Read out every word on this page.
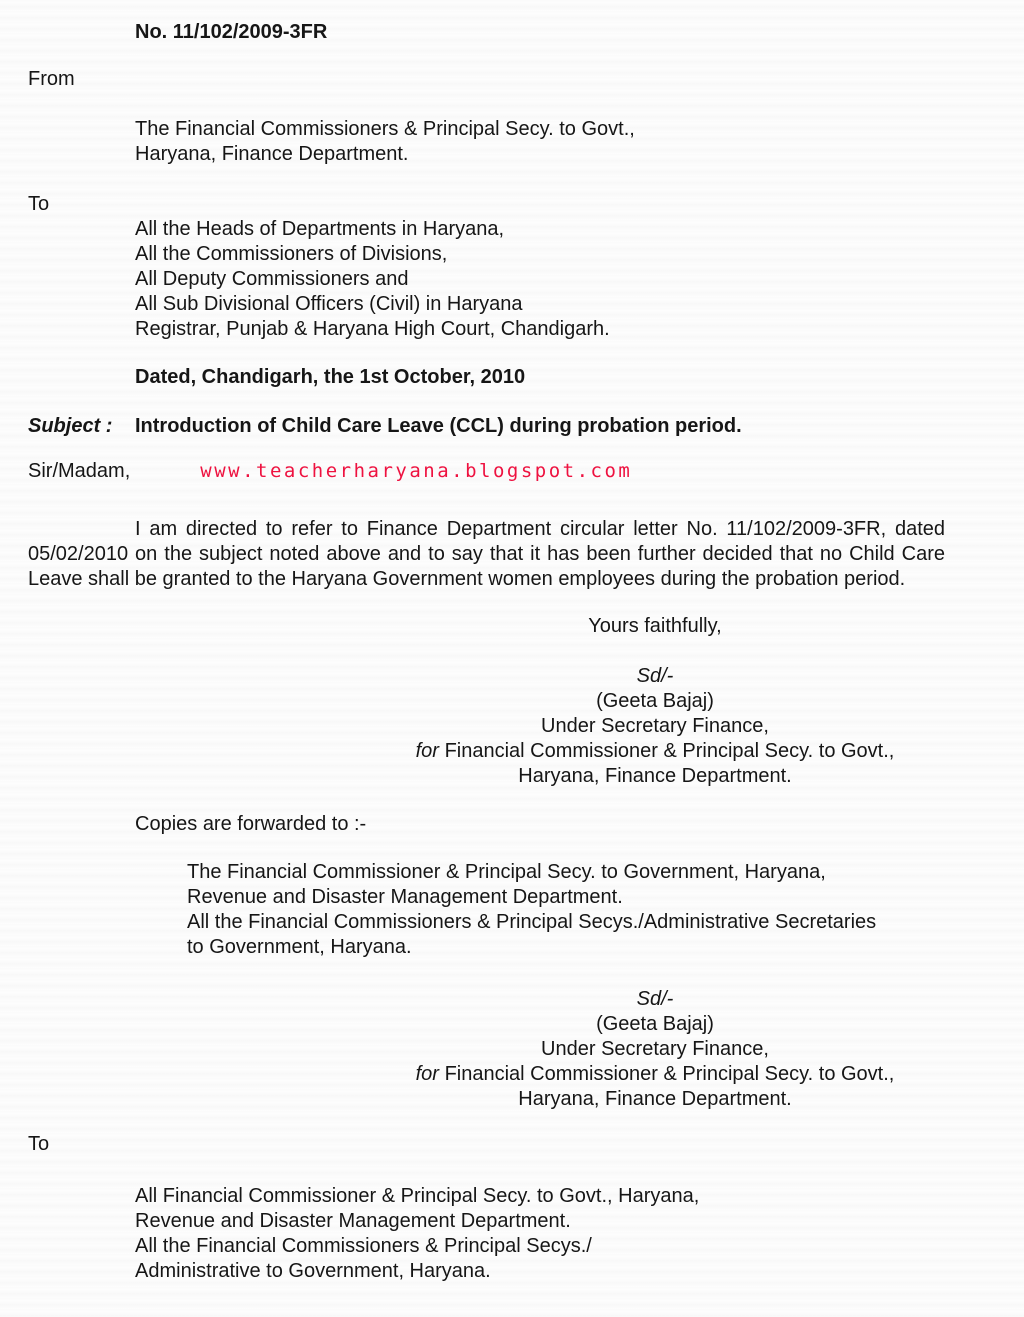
No. 11/102/2009-3FR
From
The Financial Commissioners & Principal Secy. to Govt.,
Haryana, Finance Department.
To
All the Heads of Departments in Haryana,
All the Commissioners of Divisions,
All Deputy Commissioners and
All Sub Divisional Officers (Civil) in Haryana
Registrar, Punjab & Haryana High Court, Chandigarh.
Dated, Chandigarh, the 1st October, 2010
Subject :	Introduction of Child Care Leave (CCL) during probation period.
Sir/Madam,	www.teacherharyana.blogspot.com
I am directed to refer to Finance Department circular letter No. 11/102/2009-3FR, dated 05/02/2010 on the subject noted above and to say that it has been further decided that no Child Care Leave shall be granted to the Haryana Government women employees during the probation period.
Yours faithfully,
Sd/-
(Geeta Bajaj)
Under Secretary Finance,
for Financial Commissioner & Principal Secy. to Govt.,
Haryana, Finance Department.
Copies are forwarded to :-
The Financial Commissioner & Principal Secy. to Government, Haryana,
Revenue and Disaster Management Department.
All the Financial Commissioners & Principal Secys./Administrative Secretaries
to Government, Haryana.
Sd/-
(Geeta Bajaj)
Under Secretary Finance,
for Financial Commissioner & Principal Secy. to Govt.,
Haryana, Finance Department.
To
All Financial Commissioner & Principal Secy. to Govt., Haryana,
Revenue and Disaster Management Department.
All the Financial Commissioners & Principal Secys./
Administrative to Government, Haryana.
